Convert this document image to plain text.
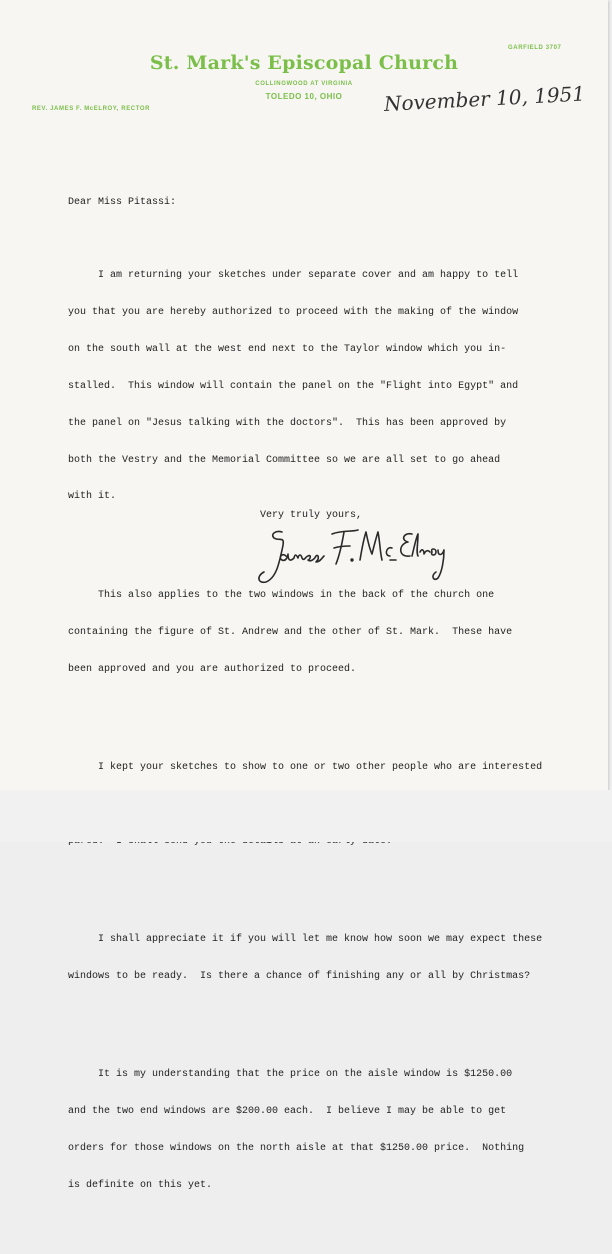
GARFIELD 3707
St. Mark's Episcopal Church
COLLINGWOOD AT VIRGINIA
TOLEDO 10, OHIO
REV. JAMES F. McELROY, RECTOR	November 10, 1951

Dear Miss Pitassi:

I am returning your sketches under separate cover and am happy to tell

you that you are hereby authorized to proceed with the making of the window

on the south wall at the west end next to the Taylor window which you in-

stalled.  This window will contain the panel on the "Flight into Egypt" and

the panel on "Jesus talking with the doctors".  This has been approved by

both the Vestry and the Memorial Committee so we are all set to go ahead

with it.

This also applies to the two windows in the back of the church one

containing the figure of St. Andrew and the other of St. Mark.  These have

been approved and you are authorized to proceed.

I kept your sketches to show to one or two other people who are interested

I shall appreciate it if you will let me know how soon we may expect these

windows to be ready.  Is there a chance of finishing any or all by Christmas?

It is my understanding that the price on the aisle window is $1250.00

and the two end windows are $200.00 each.  I believe I may be able to get

orders for those windows on the north aisle at that $1250.00 price.  Nothing

is definite on this yet.

Very truly yours,
James F. McElroy
